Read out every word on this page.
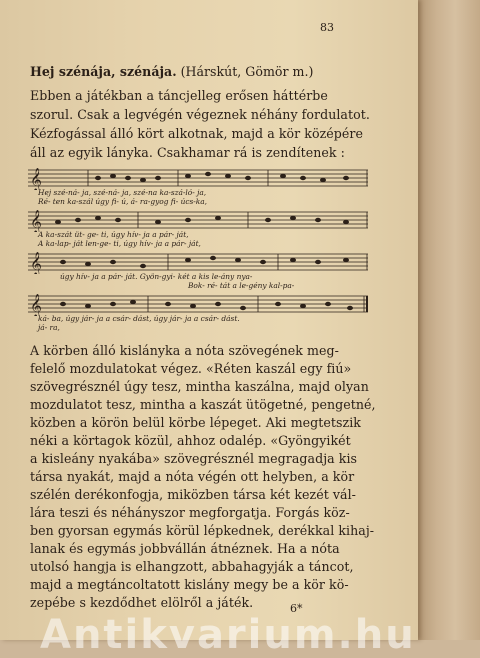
83
Hej szénája, szénája. (Hárskút, Gömör m.)
Ebben a játékban a táncjelleg erősen háttérbe
szorul. Csak a legvégén végeznek néhány fordulatot.
Kézfogással álló kört alkotnak, majd a kör középére
áll az egyik lányka. Csakhamar rá is zendítenek :
𝄞
Hej szé-ná- ja, szé-ná- ja, szé-na ka-szá-ló- ja,
Ré- ten ka-szál úgy fi- ú, á- ra-gyog fi- úcs-ka,
𝄞
A ka-szát üt- ge- ti, úgy hív- ja a pár- ját,
A ka-lap- ját len-ge- ti, úgy hív- ja a pár- ját,
𝄞
úgy hív- ja a pár- ját. Gyön-gyi- két a kis le-ány nya-
Bok- ré- tát a le-gény kal-pa-
𝄞
ká- ba, úgy jár- ja a csár- dást, úgy jár- ja a csár- dást.
já- ra,
A körben álló kislányka a nóta szövegének meg-
felelő mozdulatokat végez. «Réten kaszál egy fiú»
szövegrésznél úgy tesz, mintha kaszálna, majd olyan
mozdulatot tesz, mintha a kaszát ütögetné, pengetné,
közben a körön belül körbe lépeget. Aki megtetszik
néki a körtagok közül, ahhoz odalép. «Gyöngyikét
a kisleány nyakába» szövegrésznél megragadja kis
társa nyakát, majd a nóta végén ott helyben, a kör
szélén derékonfogja, miközben társa két kezét vál-
lára teszi és néhányszor megforgatja. Forgás köz-
ben gyorsan egymás körül lépkednek, derékkal kihaj-
lanak és egymás jobbvállán átnéznek. Ha a nóta
utolsó hangja is elhangzott, abbahagyják a táncot,
majd a megtáncoltatott kislány megy be a kör kö-
zepébe s kezdődhet elölről a játék.	6*
Antikvarium.hu
